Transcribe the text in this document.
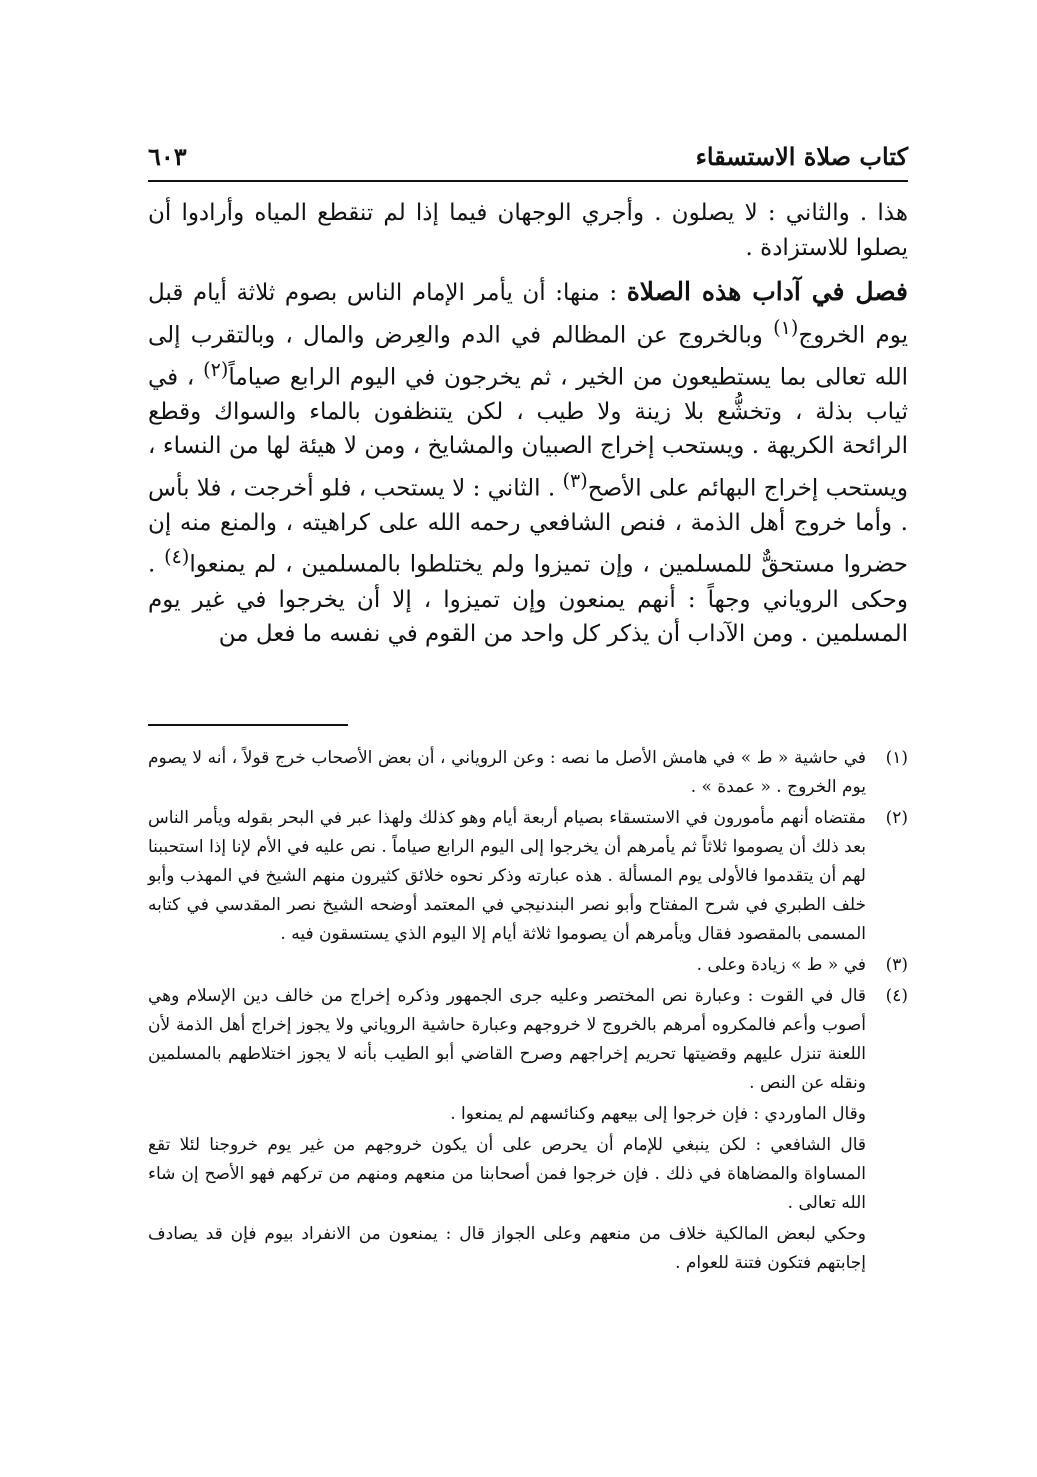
كتاب صلاة الاستسقاء
٦٠٣

هذا . والثاني : لا يصلون . وأجري الوجهان فيما إذا لم تنقطع المياه وأرادوا أن يصلوا للاستزادة .

فصل في آداب هذه الصلاة : منها: أن يأمر الإمام الناس بصوم ثلاثة أيام قبل يوم الخروج$^{(١)}$ وبالخروج عن المظالم في الدم والعِرض والمال ، وبالتقرب إلى الله تعالى بما يستطيعون من الخير ، ثم يخرجون في اليوم الرابع صياماً$^{(٢)}$ ، في ثياب بذلة ، وتخشُّع بلا زينة ولا طيب ، لكن يتنظفون بالماء والسواك وقطع الرائحة الكريهة . ويستحب إخراج الصبيان والمشايخ ، ومن لا هيئة لها من النساء ، ويستحب إخراج البهائم على الأصح$^{(٣)}$ . الثاني : لا يستحب ، فلو أخرجت ، فلا بأس . وأما خروج أهل الذمة ، فنص الشافعي رحمه الله على كراهيته ، والمنع منه إن حضروا مستحقٌّ للمسلمين ، وإن تميزوا ولم يختلطوا بالمسلمين ، لم يمنعوا$^{(٤)}$ . وحكى الروياني وجهاً : أنهم يمنعون وإن تميزوا ، إلا أن يخرجوا في غير يوم المسلمين . ومن الآداب أن يذكر كل واحد من القوم في نفسه ما فعل من

(١)
في حاشية « ط » في هامش الأصل ما نصه : وعن الروياني ، أن بعض الأصحاب خرج قولاً ، أنه لا يصوم يوم الخروج . « عمدة » .
(٢)
مقتضاه أنهم مأمورون في الاستسقاء بصيام أربعة أيام وهو كذلك ولهذا عبر في البحر بقوله ويأمر الناس بعد ذلك أن يصوموا ثلاثاً ثم يأمرهم أن يخرجوا إلى اليوم الرابع صياماً . نص عليه في الأم لإنا إذا استحببنا لهم أن يتقدموا فالأولى يوم المسألة . هذه عبارته وذكر نحوه خلائق كثيرون منهم الشيخ في المهذب وأبو خلف الطبري في شرح المفتاح وأبو نصر البندنيجي في المعتمد أوضحه الشيخ نصر المقدسي في كتابه المسمى بالمقصود فقال ويأمرهم أن يصوموا ثلاثة أيام إلا اليوم الذي يستسقون فيه .
(٣)
في « ط » زيادة وعلى .
(٤)
قال في القوت : وعبارة نص المختصر وعليه جرى الجمهور وذكره إخراج من خالف دين الإسلام وهي أصوب وأعم فالمكروه أمرهم بالخروج لا خروجهم وعبارة حاشية الروياني ولا يجوز إخراج أهل الذمة لأن اللعنة تنزل عليهم وقضيتها تحريم إخراجهم وصرح القاضي أبو الطيب بأنه لا يجوز اختلاطهم بالمسلمين ونقله عن النص .
وقال الماوردي : فإن خرجوا إلى بيعهم وكنائسهم لم يمنعوا .
قال الشافعي : لكن ينبغي للإمام أن يحرص على أن يكون خروجهم من غير يوم خروجنا لئلا تقع المساواة والمضاهاة في ذلك . فإن خرجوا فمن أصحابنا من منعهم ومنهم من تركهم فهو الأصح إن شاء الله تعالى .
وحكي لبعض المالكية خلاف من منعهم وعلى الجواز قال : يمنعون من الانفراد بيوم فإن قد يصادف إجابتهم فتكون فتنة للعوام .
